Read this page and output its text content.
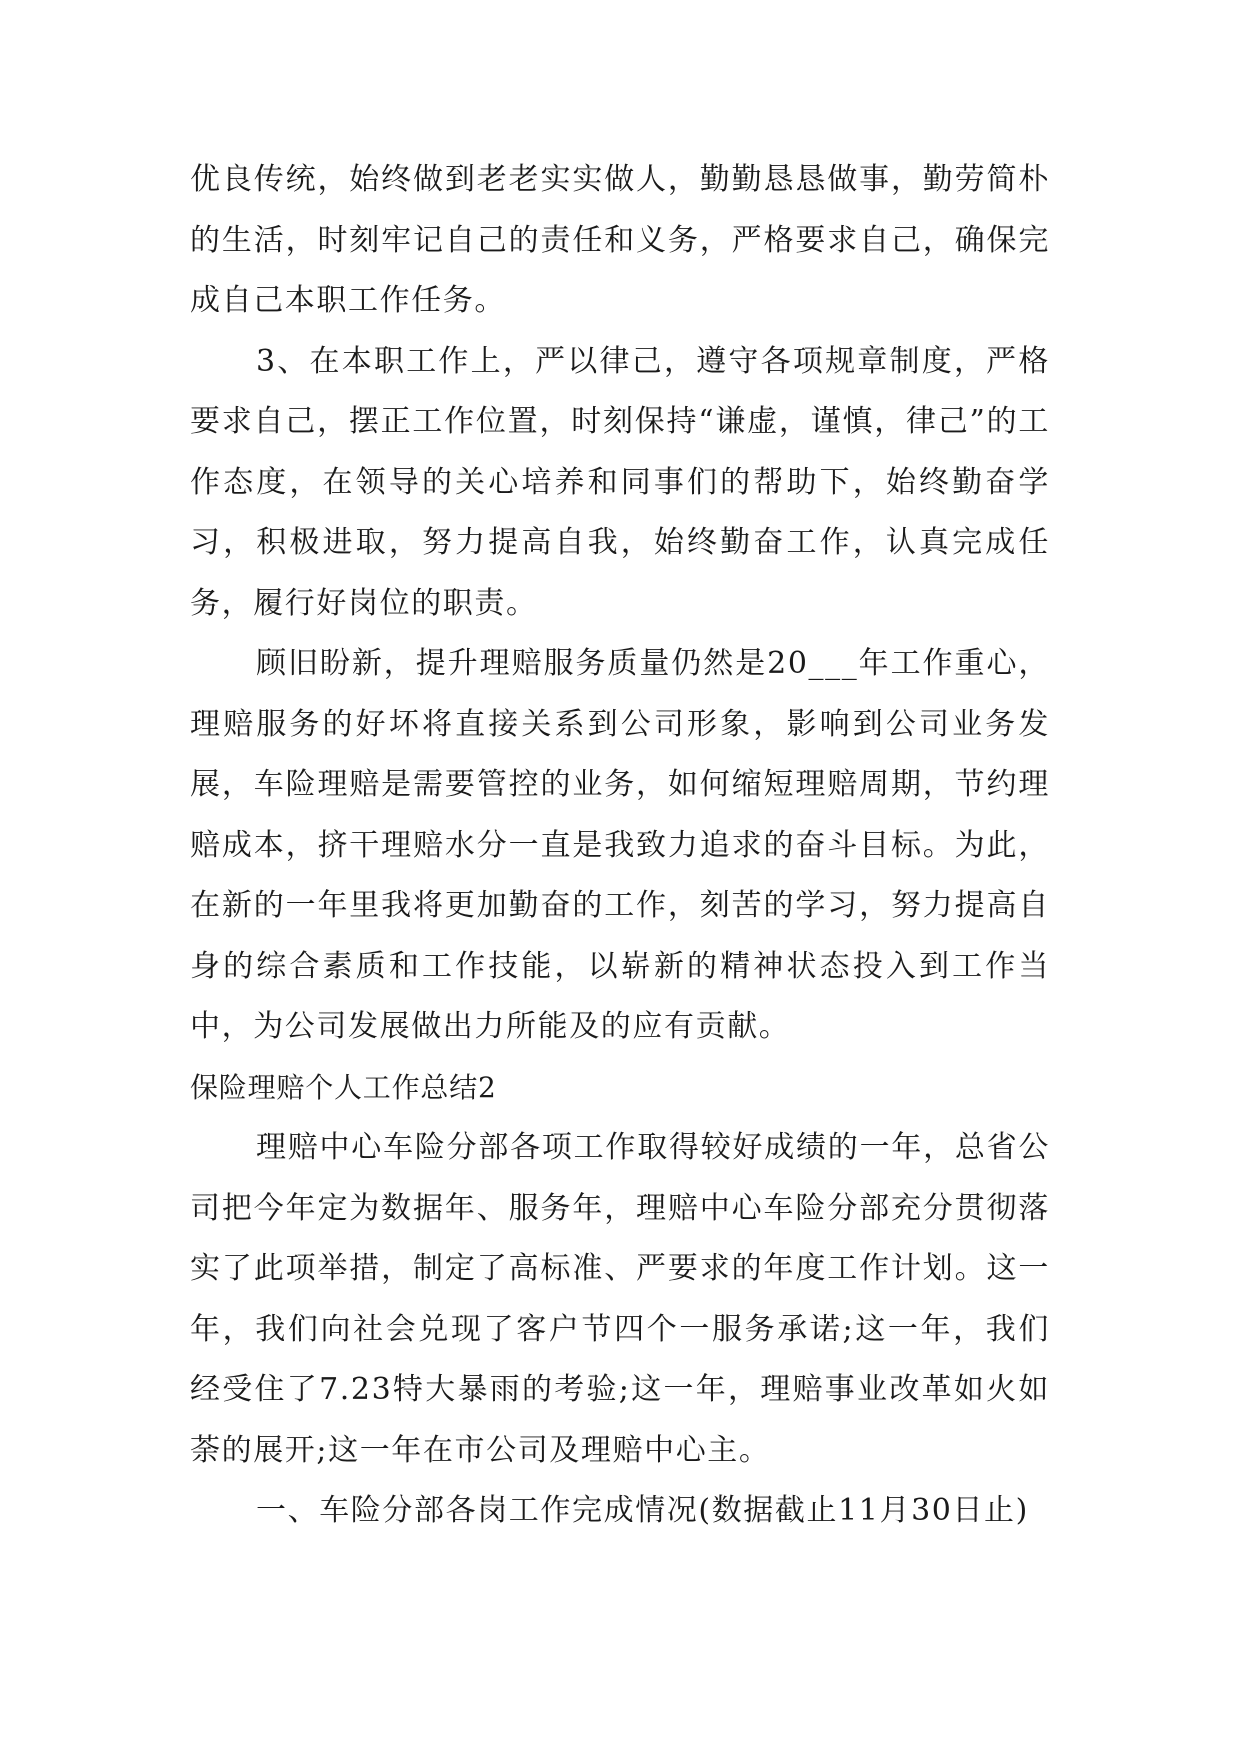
优良传统，始终做到老老实实做人，勤勤恳恳做事，勤劳简朴的生活，时刻牢记自己的责任和义务，严格要求自己，确保完成自己本职工作任务。

3、在本职工作上，严以律己，遵守各项规章制度，严格要求自己，摆正工作位置，时刻保持“谦虚，谨慎，律己”的工作态度，在领导的关心培养和同事们的帮助下，始终勤奋学习，积极进取，努力提高自我，始终勤奋工作，认真完成任务，履行好岗位的职责。

顾旧盼新，提升理赔服务质量仍然是20___年工作重心，理赔服务的好坏将直接关系到公司形象，影响到公司业务发展，车险理赔是需要管控的业务，如何缩短理赔周期，节约理赔成本，挤干理赔水分一直是我致力追求的奋斗目标。为此，在新的一年里我将更加勤奋的工作，刻苦的学习，努力提高自身的综合素质和工作技能，以崭新的精神状态投入到工作当中，为公司发展做出力所能及的应有贡献。

保险理赔个人工作总结2

理赔中心车险分部各项工作取得较好成绩的一年，总省公司把今年定为数据年、服务年，理赔中心车险分部充分贯彻落实了此项举措，制定了高标准、严要求的年度工作计划。这一年，我们向社会兑现了客户节四个一服务承诺;这一年，我们经受住了7.23特大暴雨的考验;这一年，理赔事业改革如火如荼的展开;这一年在市公司及理赔中心主。

一、车险分部各岗工作完成情况(数据截止11月30日止)
